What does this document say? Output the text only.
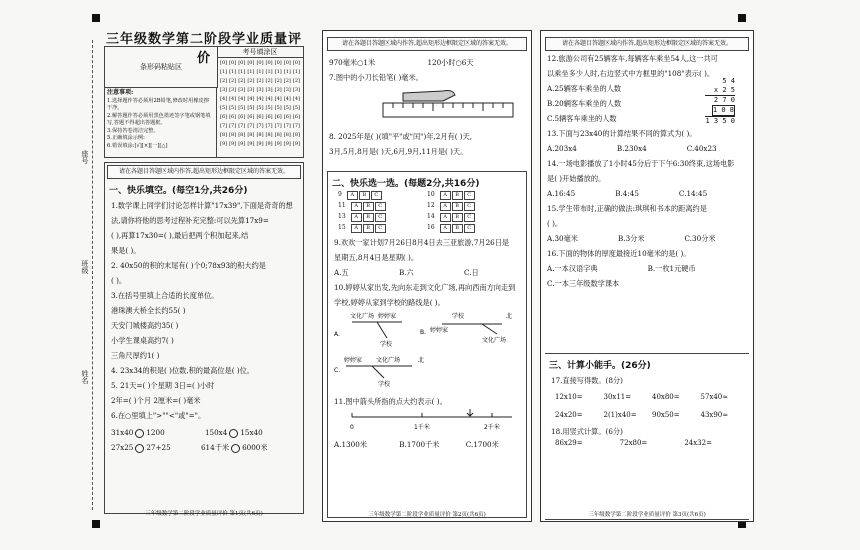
座号
班级
姓名
三年级数学第二阶段学业质量评价
条形码粘贴区
考号填涂区
[0] [0] [0] [0] [0] [0] [0] [0] [0]
[1] [1] [1] [1] [1] [1] [1] [1] [1]
[2] [2] [2] [2] [2] [2] [2] [2] [2]
[3] [3] [3] [3] [3] [3] [3] [3] [3]
[4] [4] [4] [4] [4] [4] [4] [4] [4]
[5] [5] [5] [5] [5] [5] [5] [5] [5]
[6] [6] [6] [6] [6] [6] [6] [6] [6]
[7] [7] [7] [7] [7] [7] [7] [7] [7]
[8] [8] [8] [8] [8] [8] [8] [8] [8]
[9] [9] [9] [9] [9] [9] [9] [9] [9]
注意事项:
1.选择题作答必须用2B铅笔,修改时用橡皮擦干净。
2.解答题作答必须用黑色墨迹签字笔或钢笔填写,答题不得超出答题框。
3.保持答卷清洁完整。
5.正确填涂示例:
6.错误填涂:[√][×][一][△]
请在各题目答题区域内作答,超出矩形边框限定区域的答案无效。
一、快乐填空。(每空1分,共26分)
1.数学课上同学们讨论怎样计算"17x39",下面是奇奇的想
法,请你将他的思考过程补充完整:可以先算17x9=
( ),再算17x30=( ),最后把两个积加起来,结
果是( )。
2. 40x50的积的末尾有( )个0;78x93的积大约是
( )。
3.在括号里填上合适的长度单位。
港珠澳大桥全长约55( )
天安门城楼高约35( )
小学生课桌高约7( )
三角尺厚约1( )
4. 23x34的积是( )位数,积的最高位是( )位。
5. 21天=( )个星期 3日=( )小时
2年=( )个月 2厘米=( )毫米
6.在○里填上">""<"或"="。
31x40 1200	150x4 15x40
27x25 27+25	614千米 6000米
三年级数学第二阶段学业质量评价 第1页(共6页)
请在各题目答题区域内作答,超出矩形边框限定区域的答案无效。
970毫米○1米	120小时○6天
7.图中的小刀长铅笔( )毫米。
8. 2025年是( )(填"平"或"闰")年,2月有( )天,
3月,5月,8月是( )天,6月,9月,11月是( )天。
二、快乐选一选。(每题2分,共16分)
9 A B C	10 A B C
11 A B C	12 A B C
13 A B C	14 A B C
15 A B C	16 A B C
9.欢欢一家计划7月26日8月4日去三亚旅游,7月26日是
星期五,8月4日是星期( )。
A.五	B.六	C.日
10.婷婷从家出发,先向东走到文化广场,再向西南方向走到
学校,婷婷从家到学校的路线是( )。
A.
文化广场 婷婷家
学校
B.
学校
婷婷家
文化广场
北
C.
婷婷家 文化广场
学校
北
11.图中箭头所指的点大约表示( )。
0	1千米	2千米
A.1300米	B.1700千米	C.1700米
三年级数学第二阶段学业质量评价 第2页(共6页)
请在各题目答题区域内作答,超出矩形边框限定区域的答案无效。
12.旅游公司有25辆客车,每辆客车乘坐54人,这一共可
以乘坐多少人时,右边竖式中方框里的"108"表示( )。
A.25辆客车乘坐的人数
B.20辆客车乘坐的人数
C.5辆客车乘坐的人数
5 4
x 2 5
2 7 0
1 0 8
1 3 5 0
13.下面与23x40的计算结果不同的算式为( )。
A.203x4	B.230x4	C.40x23
14.一场电影播放了1小时45分后于下午6:30终束,这场电影
是( )开始播放的。
A.16:45	B.4:45	C.14:45
15.学生带布时,正确的做法:琪琪和书本的距离约是
( )。
A.30毫米	B.3分米	C.30分米
16.下面的物体的厚度最接近10毫米的是( )。
A.一本汉语字典	B.一枚1元硬币
C.一本三年级数学课本
三、计算小能手。(26分)
17.直接写得数。(8分)
12x10=	30x11=	40x80=	57x40≈
24x20=	2(1)x40=	90x50=	43x90≈
18.用竖式计算。(6分)
86x29=	72x80=	24x32=
三年级数学第二阶段学业质量评价 第3页(共6页)
